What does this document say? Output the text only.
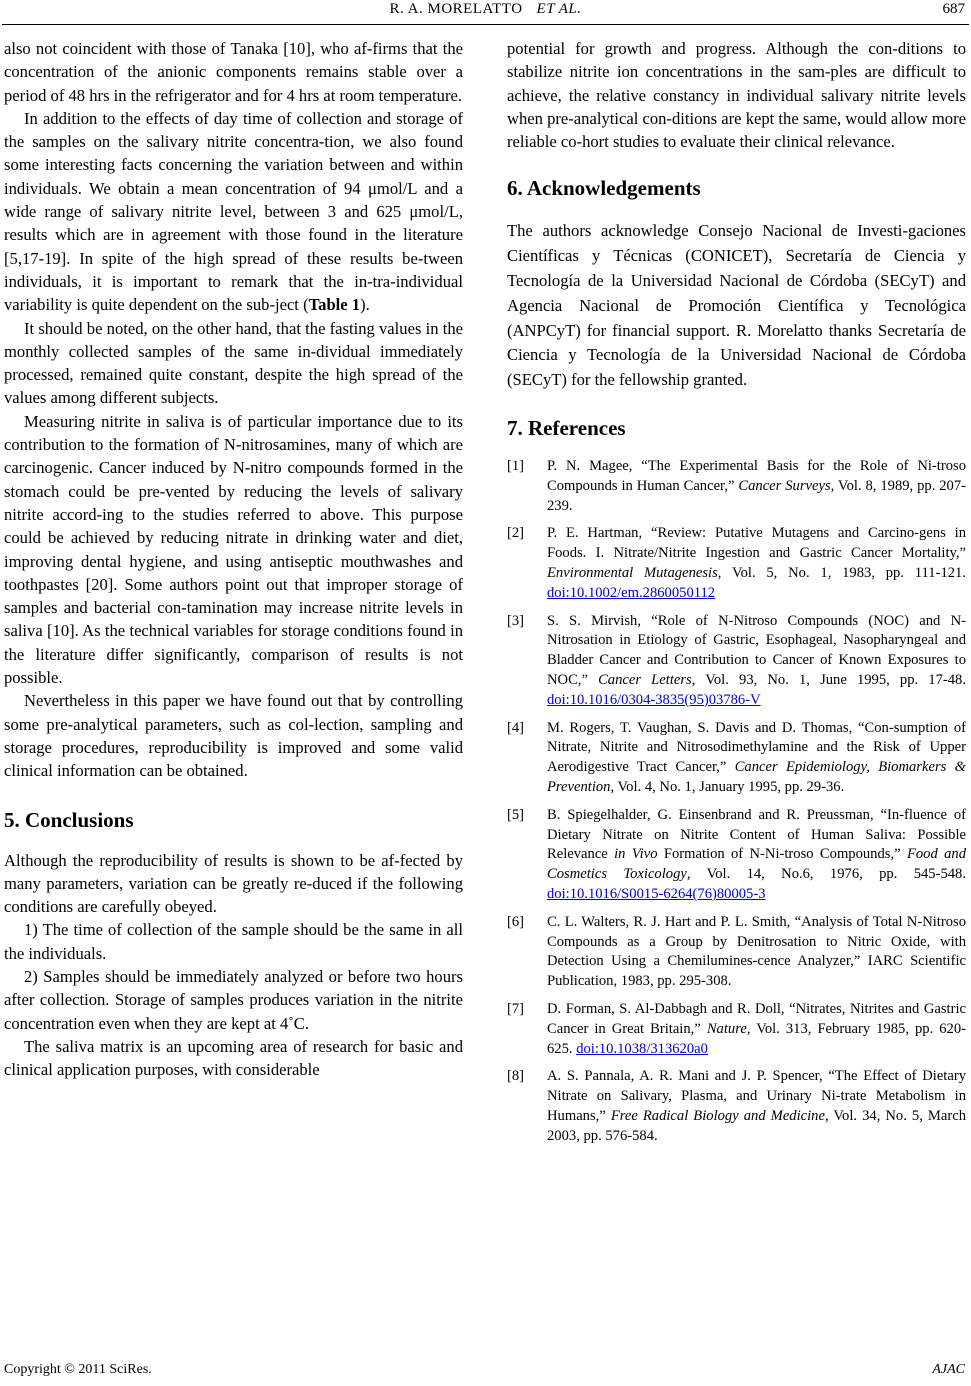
R. A. MORELATTO ET AL.	687

also not coincident with those of Tanaka [10], who af-firms that the concentration of the anionic components remains stable over a period of 48 hrs in the refrigerator and for 4 hrs at room temperature.

In addition to the effects of day time of collection and storage of the samples on the salivary nitrite concentra-tion, we also found some interesting facts concerning the variation between and within individuals. We obtain a mean concentration of 94 μmol/L and a wide range of salivary nitrite level, between 3 and 625 μmol/L, results which are in agreement with those found in the literature [5,17-19]. In spite of the high spread of these results be-tween individuals, it is important to remark that the in-tra-individual variability is quite dependent on the sub-ject (Table 1).

It should be noted, on the other hand, that the fasting values in the monthly collected samples of the same in-dividual immediately processed, remained quite constant, despite the high spread of the values among different subjects.

Measuring nitrite in saliva is of particular importance due to its contribution to the formation of N-nitrosamines, many of which are carcinogenic. Cancer induced by N-nitro compounds formed in the stomach could be pre-vented by reducing the levels of salivary nitrite accord-ing to the studies referred to above. This purpose could be achieved by reducing nitrate in drinking water and diet, improving dental hygiene, and using antiseptic mouthwashes and toothpastes [20]. Some authors point out that improper storage of samples and bacterial con-tamination may increase nitrite levels in saliva [10]. As the technical variables for storage conditions found in the literature differ significantly, comparison of results is not possible.

Nevertheless in this paper we have found out that by controlling some pre-analytical parameters, such as col-lection, sampling and storage procedures, reproducibility is improved and some valid clinical information can be obtained.

5. Conclusions

Although the reproducibility of results is shown to be af-fected by many parameters, variation can be greatly re-duced if the following conditions are carefully obeyed.

1) The time of collection of the sample should be the same in all the individuals.

2) Samples should be immediately analyzed or before two hours after collection. Storage of samples produces variation in the nitrite concentration even when they are kept at 4˚C.

The saliva matrix is an upcoming area of research for basic and clinical application purposes, with considerable

potential for growth and progress. Although the con-ditions to stabilize nitrite ion concentrations in the sam-ples are difficult to achieve, the relative constancy in individual salivary nitrite levels when pre-analytical con-ditions are kept the same, would allow more reliable co-hort studies to evaluate their clinical relevance.

6. Acknowledgements

The authors acknowledge Consejo Nacional de Investi-gaciones Científicas y Técnicas (CONICET), Secretaría de Ciencia y Tecnología de la Universidad Nacional de Córdoba (SECyT) and Agencia Nacional de Promoción Científica y Tecnológica (ANPCyT) for financial support. R. Morelatto thanks Secretaría de Ciencia y Tecnología de la Universidad Nacional de Córdoba (SECyT) for the fellowship granted.

7. References
[1] P. N. Magee, “The Experimental Basis for the Role of Ni-troso Compounds in Human Cancer,” Cancer Surveys, Vol. 8, 1989, pp. 207-239.
[2] P. E. Hartman, “Review: Putative Mutagens and Carcino-gens in Foods. I. Nitrate/Nitrite Ingestion and Gastric Cancer Mortality,” Environmental Mutagenesis, Vol. 5, No. 1, 1983, pp. 111-121. doi:10.1002/em.2860050112
[3] S. S. Mirvish, “Role of N-Nitroso Compounds (NOC) and N-Nitrosation in Etiology of Gastric, Esophageal, Nasopharyngeal and Bladder Cancer and Contribution to Cancer of Known Exposures to NOC,” Cancer Letters, Vol. 93, No. 1, June 1995, pp. 17-48. doi:10.1016/0304-3835(95)03786-V
[4] M. Rogers, T. Vaughan, S. Davis and D. Thomas, “Con-sumption of Nitrate, Nitrite and Nitrosodimethylamine and the Risk of Upper Aerodigestive Tract Cancer,” Cancer Epidemiology, Biomarkers & Prevention, Vol. 4, No. 1, January 1995, pp. 29-36.
[5] B. Spiegelhalder, G. Einsenbrand and R. Preussman, “In-fluence of Dietary Nitrate on Nitrite Content of Human Saliva: Possible Relevance in Vivo Formation of N-Ni-troso Compounds,” Food and Cosmetics Toxicology, Vol. 14, No.6, 1976, pp. 545-548. doi:10.1016/S0015-6264(76)80005-3
[6] C. L. Walters, R. J. Hart and P. L. Smith, “Analysis of Total N-Nitroso Compounds as a Group by Denitrosation to Nitric Oxide, with Detection Using a Chemilumines-cence Analyzer,” IARC Scientific Publication, 1983, pp. 295-308.
[7] D. Forman, S. Al-Dabbagh and R. Doll, “Nitrates, Nitrites and Gastric Cancer in Great Britain,” Nature, Vol. 313, February 1985, pp. 620-625. doi:10.1038/313620a0
[8] A. S. Pannala, A. R. Mani and J. P. Spencer, “The Effect of Dietary Nitrate on Salivary, Plasma, and Urinary Ni-trate Metabolism in Humans,” Free Radical Biology and Medicine, Vol. 34, No. 5, March 2003, pp. 576-584.
Copyright © 2011 SciRes.	AJAC
